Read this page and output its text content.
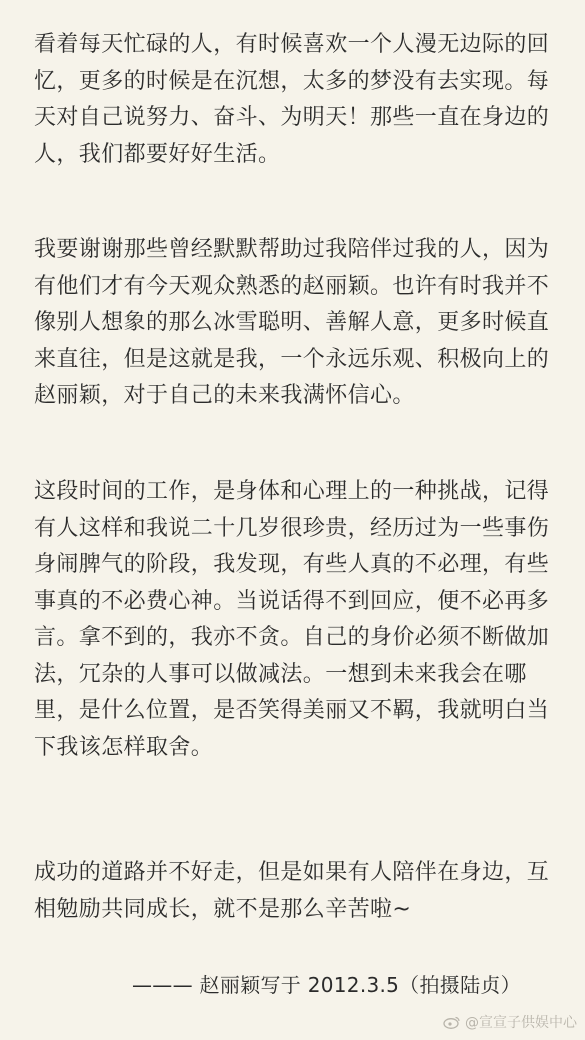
看着每天忙碌的人，有时候喜欢一个人漫无边际的回
忆，更多的时候是在沉想，太多的梦没有去实现。每
天对自己说努力、奋斗、为明天！那些一直在身边的
人，我们都要好好生活。
我要谢谢那些曾经默默帮助过我陪伴过我的人，因为
有他们才有今天观众熟悉的赵丽颖。也许有时我并不
像别人想象的那么冰雪聪明、善解人意，更多时候直
来直往，但是这就是我，一个永远乐观、积极向上的
赵丽颖，对于自己的未来我满怀信心。
这段时间的工作，是身体和心理上的一种挑战，记得
有人这样和我说二十几岁很珍贵，经历过为一些事伤
身闹脾气的阶段，我发现，有些人真的不必理，有些
事真的不必费心神。当说话得不到回应，便不必再多
言。拿不到的，我亦不贪。自己的身价必须不断做加
法，冗杂的人事可以做减法。一想到未来我会在哪
里，是什么位置，是否笑得美丽又不羁，我就明白当
下我该怎样取舍。
成功的道路并不好走，但是如果有人陪伴在身边，互
相勉励共同成长，就不是那么辛苦啦~
——— 赵丽颖写于 2012.3.5（拍摄陆贞）
@宣宣子供娱中心
